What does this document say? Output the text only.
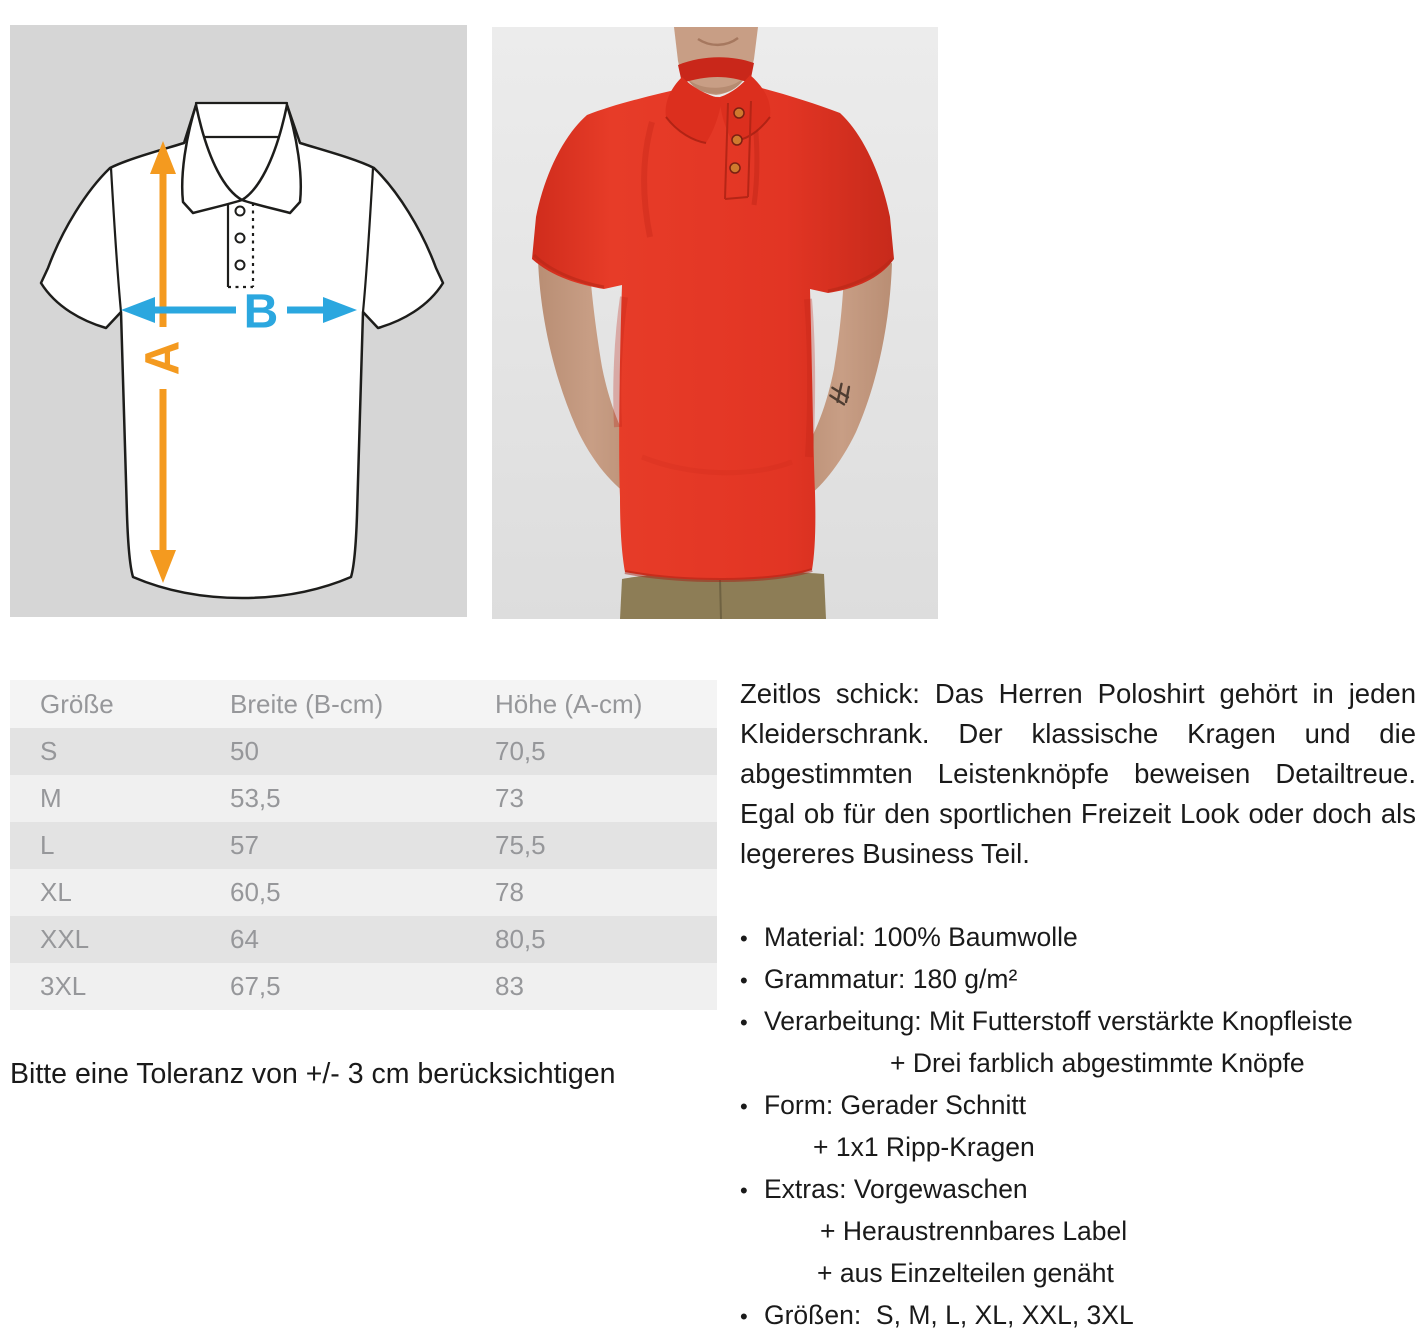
A
B
Größe	Breite (B-cm)	Höhe (A-cm)
S	50	70,5
M	53,5	73
L	57	75,5
XL	60,5	78
XXL	64	80,5
3XL	67,5	83
Bitte eine Toleranz von +/- 3 cm berücksichtigen
Zeitlos schick: Das Herren Poloshirt gehört in jeden Kleiderschrank. Der klassische Kragen und die abgestimmten Leistenknöpfe beweisen Detailtreue. Egal ob für den sportlichen Freizeit Look oder doch als legereres Business Teil.
• Material: 100% Baumwolle
• Grammatur: 180 g/m²
• Verarbeitung: Mit Futterstoff verstärkte Knopfleiste
+ Drei farblich abgestimmte Knöpfe
• Form: Gerader Schnitt
+ 1x1 Ripp-Kragen
• Extras: Vorgewaschen
+ Heraustrennbares Label
+ aus Einzelteilen genäht
• Größen:  S, M, L, XL, XXL, 3XL
